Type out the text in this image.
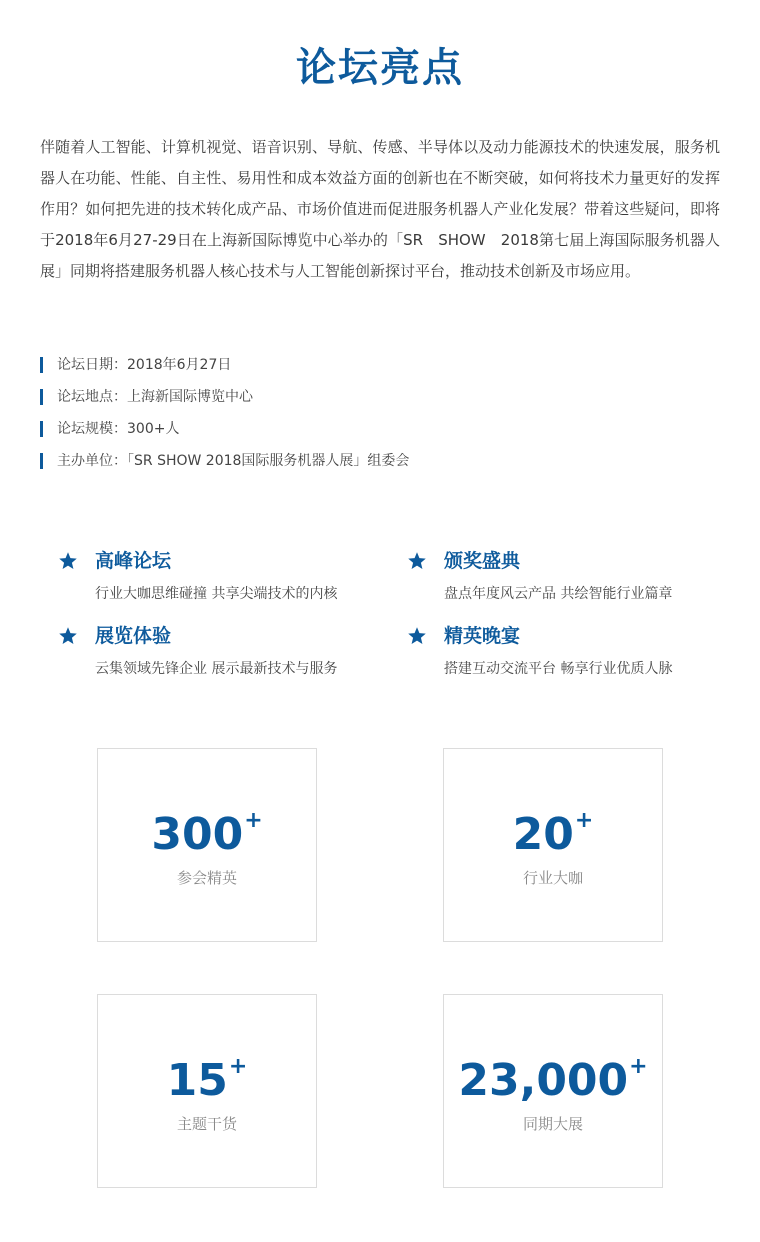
论坛亮点

伴随着人工智能、计算机视觉、语音识别、导航、传感、半导体以及动力能源技术的快速发展，服务机器人在功能、性能、自主性、易用性和成本效益方面的创新也在不断突破，如何将技术力量更好的发挥作用？如何把先进的技术转化成产品、市场价值进而促进服务机器人产业化发展？带着这些疑问，即将于2018年6月27-29日在上海新国际博览中心举办的「SR　SHOW　2018第七届上海国际服务机器人展」同期将搭建服务机器人核心技术与人工智能创新探讨平台，推动技术创新及市场应用。

论坛日期：2018年6月27日
论坛地点：上海新国际博览中心
论坛规模：300+人
主办单位：「SR SHOW 2018国际服务机器人展」组委会
高峰论坛
行业大咖思维碰撞 共享尖端技术的内核
颁奖盛典
盘点年度风云产品 共绘智能行业篇章
展览体验
云集领域先锋企业 展示最新技术与服务
精英晚宴
搭建互动交流平台 畅享行业优质人脉
300+
参会精英
20+
行业大咖
15+
主题干货
23,000+
同期大展
